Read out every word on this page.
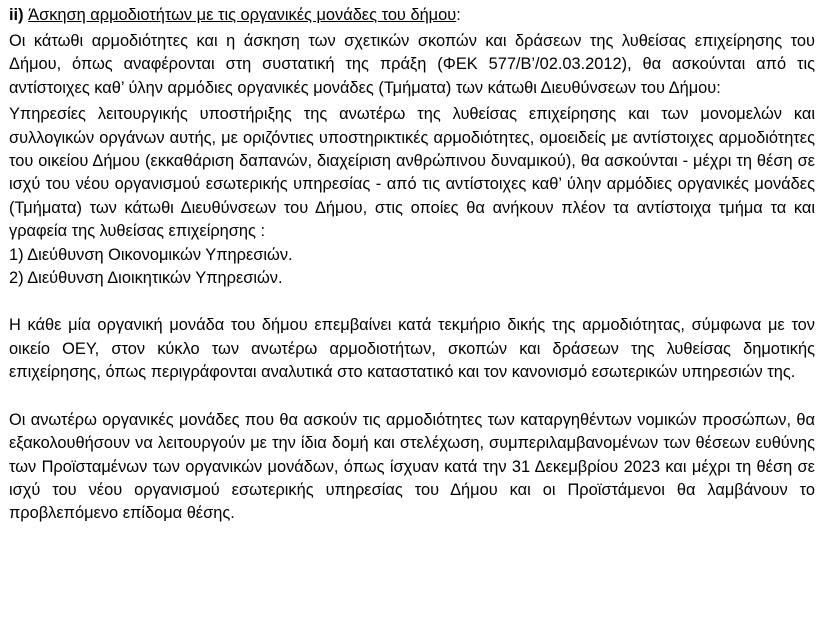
ii) Άσκηση αρμοδιοτήτων με τις οργανικές μονάδες του δήμου:

Οι κάτωθι αρμοδιότητες και η άσκηση των σχετικών σκοπών και δράσεων της λυθείσας επιχείρησης του Δήμου, όπως αναφέρονται στη συστατική της πράξη (ΦΕΚ 577/Β’/02.03.2012), θα ασκούνται από τις αντίστοιχες καθ’ ύλην αρμόδιες οργανικές μονάδες (Τμήματα) των κάτωθι Διευθύνσεων του Δήμου:

Υπηρεσίες λειτουργικής υποστήριξης της ανωτέρω της λυθείσας επιχείρησης και των μονομελών και συλλογικών οργάνων αυτής, με οριζόντιες υποστηρικτικές αρμοδιότητες, ομοειδείς με αντίστοιχες αρμοδιότητες του οικείου Δήμου (εκκαθάριση δαπανών, διαχείριση ανθρώπινου δυναμικού), θα ασκούνται - μέχρι τη θέση σε ισχύ του νέου οργανισμού εσωτερικής υπηρεσίας - από τις αντίστοιχες καθ’ ύλην αρμόδιες οργανικές μονάδες (Τμήματα) των κάτωθι Διευθύνσεων του Δήμου, στις οποίες θα ανήκουν πλέον τα αντίστοιχα τμήμα τα και γραφεία της λυθείσας επιχείρησης :

1) Διεύθυνση Οικονομικών Υπηρεσιών.
2) Διεύθυνση Διοικητικών Υπηρεσιών.

Η κάθε μία οργανική μονάδα του δήμου επεμβαίνει κατά τεκμήριο δικής της αρμοδιότητας, σύμφωνα με τον οικείο ΟΕΥ, στον κύκλο των ανωτέρω αρμοδιοτήτων, σκοπών και δράσεων της λυθείσας δημοτικής επιχείρησης, όπως περιγράφονται αναλυτικά στο καταστατικό και τον κανονισμό εσωτερικών υπηρεσιών της.

Οι ανωτέρω οργανικές μονάδες που θα ασκούν τις αρμοδιότητες των καταργηθέντων νομικών προσώπων, θα εξακολουθήσουν να λειτουργούν με την ίδια δομή και στελέχωση, συμπεριλαμβανομένων των θέσεων ευθύνης των Προϊσταμένων των οργανικών μονάδων, όπως ίσχυαν κατά την 31 Δεκεμβρίου 2023 και μέχρι τη θέση σε ισχύ του νέου οργανισμού εσωτερικής υπηρεσίας του Δήμου και οι Προϊστάμενοι θα λαμβάνουν το προβλεπόμενο επίδομα θέσης.
